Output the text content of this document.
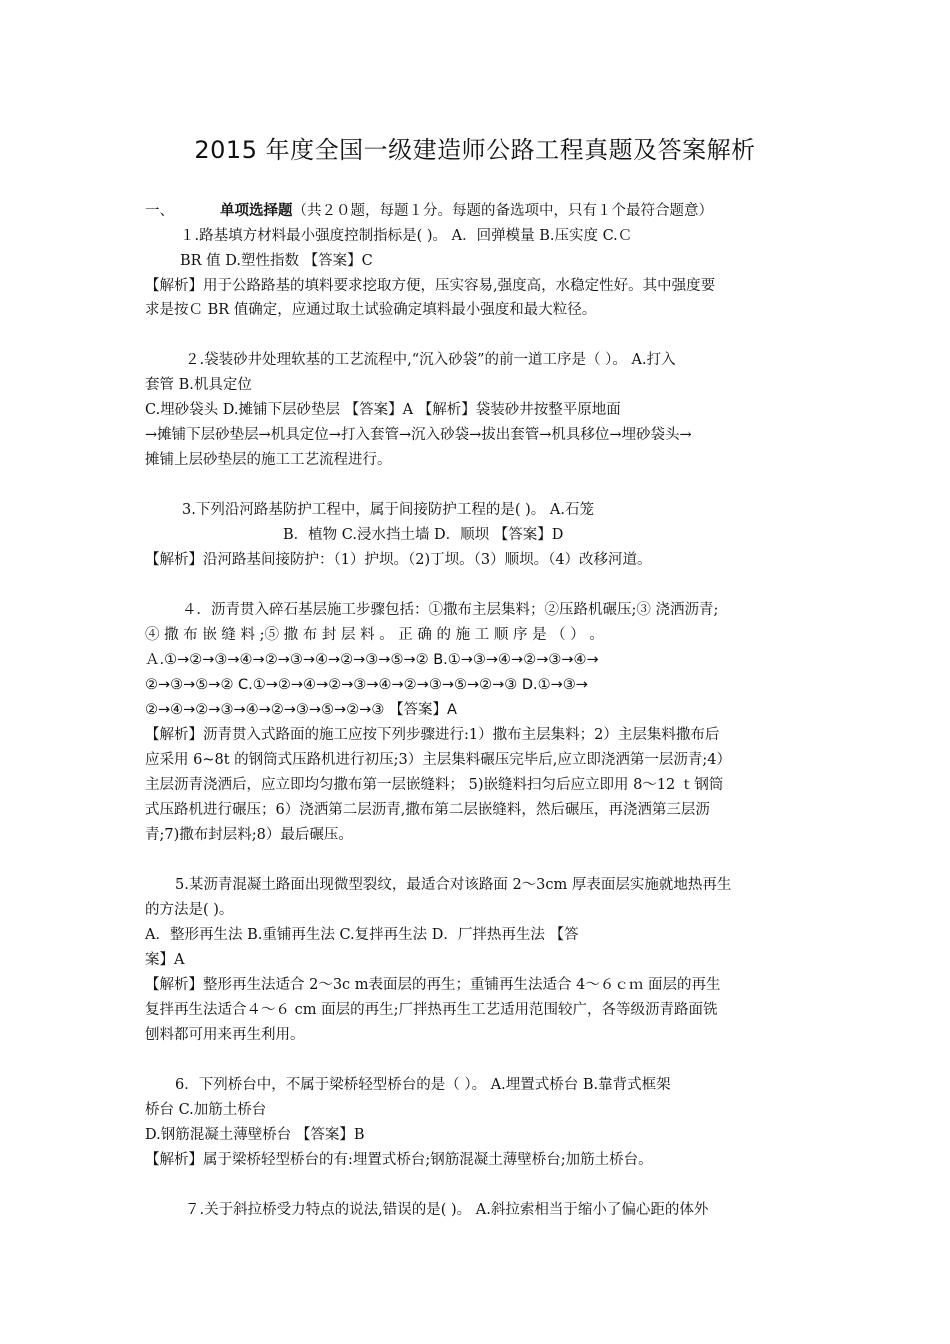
2015 年度全国一级建造师公路工程真题及答案解析
一、	单项选择题（共２０题，每题１分。每题的备选项中，只有１个最符合题意）
１.路基填方材料最小强度控制指标是( )。 A．回弹模量 B.压实度 C.Ｃ
BR 值 D.塑性指数 【答案】C
【解析】用于公路路基的填料要求挖取方便，压实容易,强度高，水稳定性好。其中强度要
求是按Ｃ BR 值确定，应通过取土试验确定填料最小强度和最大粒径。
２.袋装砂井处理软基的工艺流程中,“沉入砂袋”的前一道工序是（ ）。 A.打入
套管 B.机具定位
C.埋砂袋头 D.摊铺下层砂垫层 【答案】A 【解析】袋装砂井按整平原地面
→摊铺下层砂垫层→机具定位→打入套管→沉入砂袋→拔出套管→机具移位→埋砂袋头→
摊铺上层砂垫层的施工工艺流程进行。
3.下列沿河路基防护工程中，属于间接防护工程的是( )。 A.石笼
B．植物 C.浸水挡土墙 D．顺坝 【答案】D
【解析】沿河路基间接防护：（1）护坝。（2)丁坝。（3）顺坝。（4）改移河道。
４．沥青贯入碎石基层施工步骤包括：①撒布主层集料；②压路机碾压;③ 浇洒沥青;
④ 撒 布 嵌 缝 料 ;⑤ 撒 布 封 层 料 。 正 确 的 施 工 顺 序 是 （ ） 。
Ａ.①→②→③→④→②→③→④→②→③→⑤→② B.①→③→④→②→③→④→
②→③→⑤→② C.①→②→④→②→③→④→②→③→⑤→②→③ D.①→③→
②→④→②→③→④→②→③→⑤→②→③ 【答案】A
【解析】沥青贯入式路面的施工应按下列步骤进行:1）撒布主层集料；2）主层集料撒布后
应采用 6~8t 的钢筒式压路机进行初压;3）主层集料碾压完毕后,应立即浇洒第一层沥青;4）
主层沥青浇洒后，应立即均匀撒布第一层嵌缝料； 5)嵌缝料扫匀后应立即用 8～12 ｔ钢筒
式压路机进行碾压；6）浇洒第二层沥青,撒布第二层嵌缝料，然后碾压，再浇洒第三层沥
青;7)撒布封层料;8）最后碾压。
5.某沥青混凝土路面出现微型裂纹，最适合对该路面 2～3cm 厚表面层实施就地热再生
的方法是( )。
A．整形再生法 B.重铺再生法 C.复拌再生法 D．厂拌热再生法 【答
案】A
【解析】整形再生法适合 2～3c m表面层的再生；重铺再生法适合 4～６ｃｍ 面层的再生
复拌再生法适合４～６ cm 面层的再生;厂拌热再生工艺适用范围较广，各等级沥青路面铣
刨料都可用来再生利用。
6．下列桥台中，不属于梁桥轻型桥台的是（ ）。 A.埋置式桥台 B.靠背式框架
桥台 C.加筋土桥台
D.钢筋混凝土薄壁桥台 【答案】B
【解析】属于梁桥轻型桥台的有:埋置式桥台;钢筋混凝土薄壁桥台;加筋土桥台。
７.关于斜拉桥受力特点的说法,错误的是( )。 A.斜拉索相当于缩小了偏心距的体外
